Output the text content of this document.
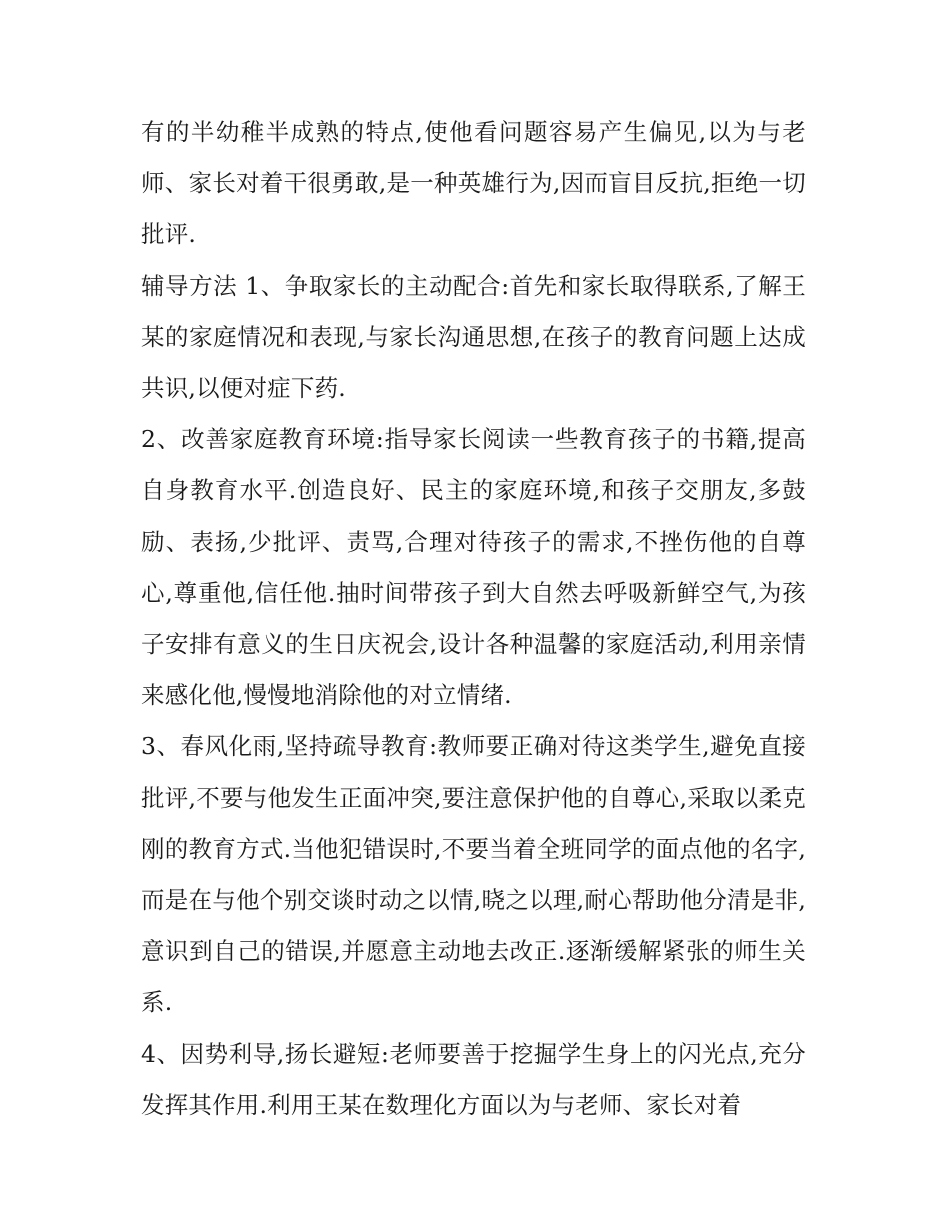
有的半幼稚半成熟的特点,使他看问题容易产生偏见,以为与老师、家长对着干很勇敢,是一种英雄行为,因而盲目反抗,拒绝一切批评.

辅导方法 1、争取家长的主动配合:首先和家长取得联系,了解王某的家庭情况和表现,与家长沟通思想,在孩子的教育问题上达成共识,以便对症下药.

2、改善家庭教育环境:指导家长阅读一些教育孩子的书籍,提高自身教育水平.创造良好、民主的家庭环境,和孩子交朋友,多鼓励、表扬,少批评、责骂,合理对待孩子的需求,不挫伤他的自尊心,尊重他,信任他.抽时间带孩子到大自然去呼吸新鲜空气,为孩子安排有意义的生日庆祝会,设计各种温馨的家庭活动,利用亲情来感化他,慢慢地消除他的对立情绪.

3、春风化雨,坚持疏导教育:教师要正确对待这类学生,避免直接批评,不要与他发生正面冲突,要注意保护他的自尊心,采取以柔克刚的教育方式.当他犯错误时,不要当着全班同学的面点他的名字,而是在与他个别交谈时动之以情,晓之以理,耐心帮助他分清是非,意识到自己的错误,并愿意主动地去改正.逐渐缓解紧张的师生关系.

4、因势利导,扬长避短:老师要善于挖掘学生身上的闪光点,充分发挥其作用.利用王某在数理化方面以为与老师、家长对着
